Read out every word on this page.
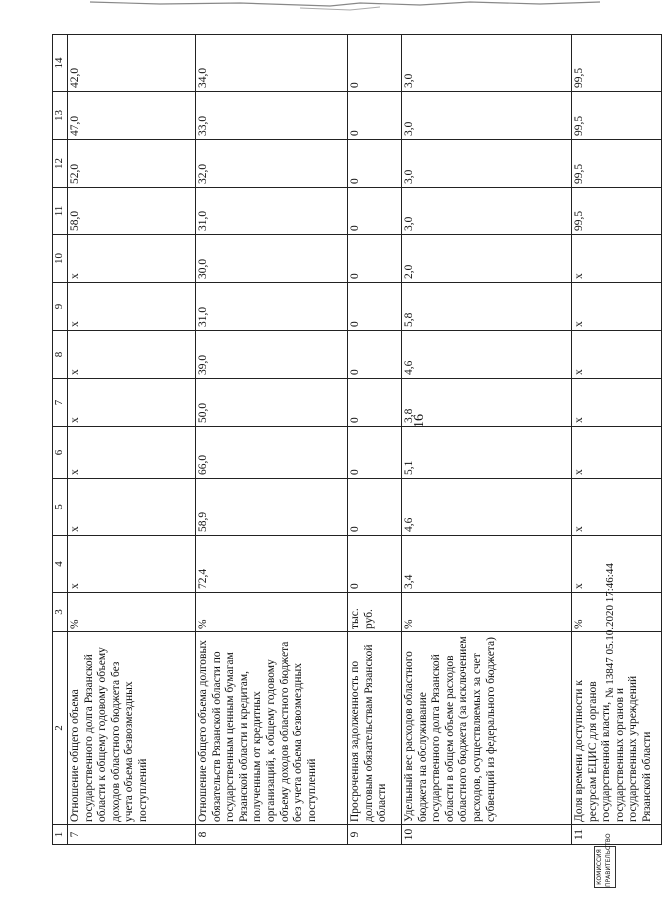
16
1	2	3	4	5	6	7	8	9	10	11	12	13	14
7	Отношение общего объема государственного долга Рязанской области к общему годовому объему доходов областного бюджета без учета объема безвозмездных поступлений	%	x	x	x	x	x	x	x	58,0	52,0	47,0	42,0
8	Отношение общего объема долговых обязательств Рязанской области по государственным ценным бумагам Рязанской области и кредитам, полученным от кредитных организаций, к общему годовому объему доходов областного бюджета без учета объема безвозмездных поступлений	%	72,4	58,9	66,0	50,0	39,0	31,0	30,0	31,0	32,0	33,0	34,0
9	Просроченная задолженность по долговым обязательствам Рязанской области	тыс. руб.	0	0	0	0	0	0	0	0	0	0	0
10	Удельный вес расходов областного бюджета на обслуживание государственного долга Рязанской области в общем объеме расходов областного бюджета (за исключением расходов, осуществляемых за счет субвенций из федерального бюджета)	%	3,4	4,6	5,1	3,8	4,6	5,8	2,0	3,0	3,0	3,0	3,0
11	Доля времени доступности к ресурсам ЕЦИС для органов государственной власти, государственных органов и государственных учреждений Рязанской области	%	x	x	x	x	x	x	x	99,5	99,5	99,5	99,5
№ 13847 05.10.2020 17:46:44
КОМИССИЯ ПРАВИТЕЛЬСТВО
